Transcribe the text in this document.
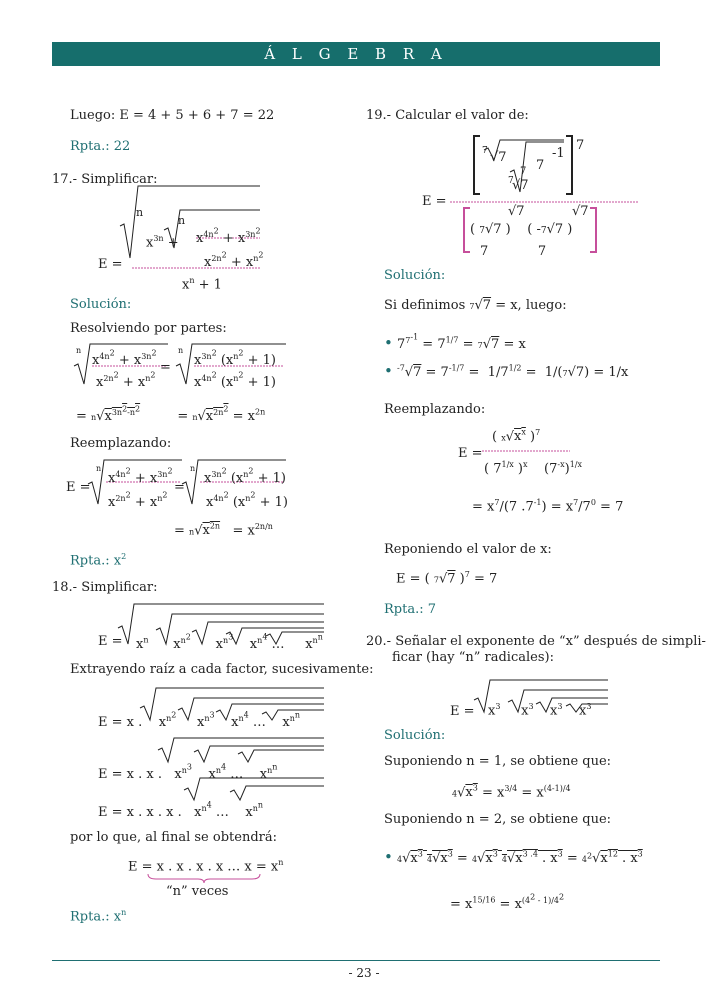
Á L G E B R A
Luego: E = 4 + 5 + 6 + 7 = 22
Rpta.: 22
17.- Simplificar:
n
n
$x^{3n} + x^{4n^2} + x^{3n^2}$
$x^{2n^2} + x^{n^2}$
E =
$x^n + 1$
Solución:
Resolviendo por partes:
n
$x^{4n^2} + x^{3n^2}$
$x^{2n^2} + x^{n^2}$ =
n
$x^{3n^2}$ $(x^{n^2} + 1)$
$x^{4n^2}$ $(x^{n^2} + 1)$
= $n√x^{3n^2-n^2}$         = $n√x^{2n^2} = x^{2n}$
Reemplazando:
E =
n
$x^{4n^2} + x^{3n^2}$
$x^{2n^2} + x^{n^2}$ =
n
$x^{3n^2}$ $(x^{n^2} + 1)$
$x^{4n^2}$ $(x^{n^2} + 1)$
= $n√x^{2n} = x^{2n/n}$
Rpta.: $x^2$
18.- Simplificar:
$E = x^n$      $x^{n^2}$      $x^{n^3}$    $x^{n^4}$ …     $x^{n^n}$
Extrayendo raíz a cada factor, sucesivamente:
E = x .    $x^{n^2}$     $x^{n^3}$    $x^{n^4}$ …    $x^{n^n}$
E = x . x .   $x^{n^3}$    $x^{n^4}$ …    $x^{n^n}$
E = x . x . x .   $x^{n^4}$ …    $x^{n^n}$
por lo que, al final se obtendrá:
E = x . x . x . x … $x = x^n$
“n” veces
Rpta.: $x^n$
19.- Calcular el valor de:
E =
7 √7	-1
7
7
√7
7
7
( 7√7 )    ( -7√7 )
√7	√7
7            7
Solución:
Si definimos 7√7 = x, luego:
• $7^{7^{-1}} = 7^{1/7} = 7√7 = x$
• $^{-7}√7 = 7^{-1/7} = 1/7^{1/2} = 1/(7√7) = 1/x$
Reemplazando:
E =
( $x√x^x$ )$^7$
( $7^{1/x}$ )$^x$    $(7^{-x})^{1/x}$
= $x^7/(7$ $.7^{-1}) = x^7/7^0 = 7$
Reponiendo el valor de x:
E = ( 7√7 )$^7$ = 7
Rpta.: 7
20.- Señalar el exponente de “x” después de simpli-
ficar (hay “n” radicales):
$E = x^3$     $x^3$    $x^3$    $x^3$
Solución:
Suponiendo n = 1, se obtiene que:
$4√x^3 = x^{3/4} = x^{(4-1)/4}$
Suponiendo n = 2, se obtiene que:
• $4√x^3$ $4√x^3 = 4√x^3$ $4√x^{3 .4}$ . $x^3 = 4^2√x^{12}$ . $x^3$
= $x^{15/16} = x^{(4^2 - 1)/4^2}$
- 23 -
